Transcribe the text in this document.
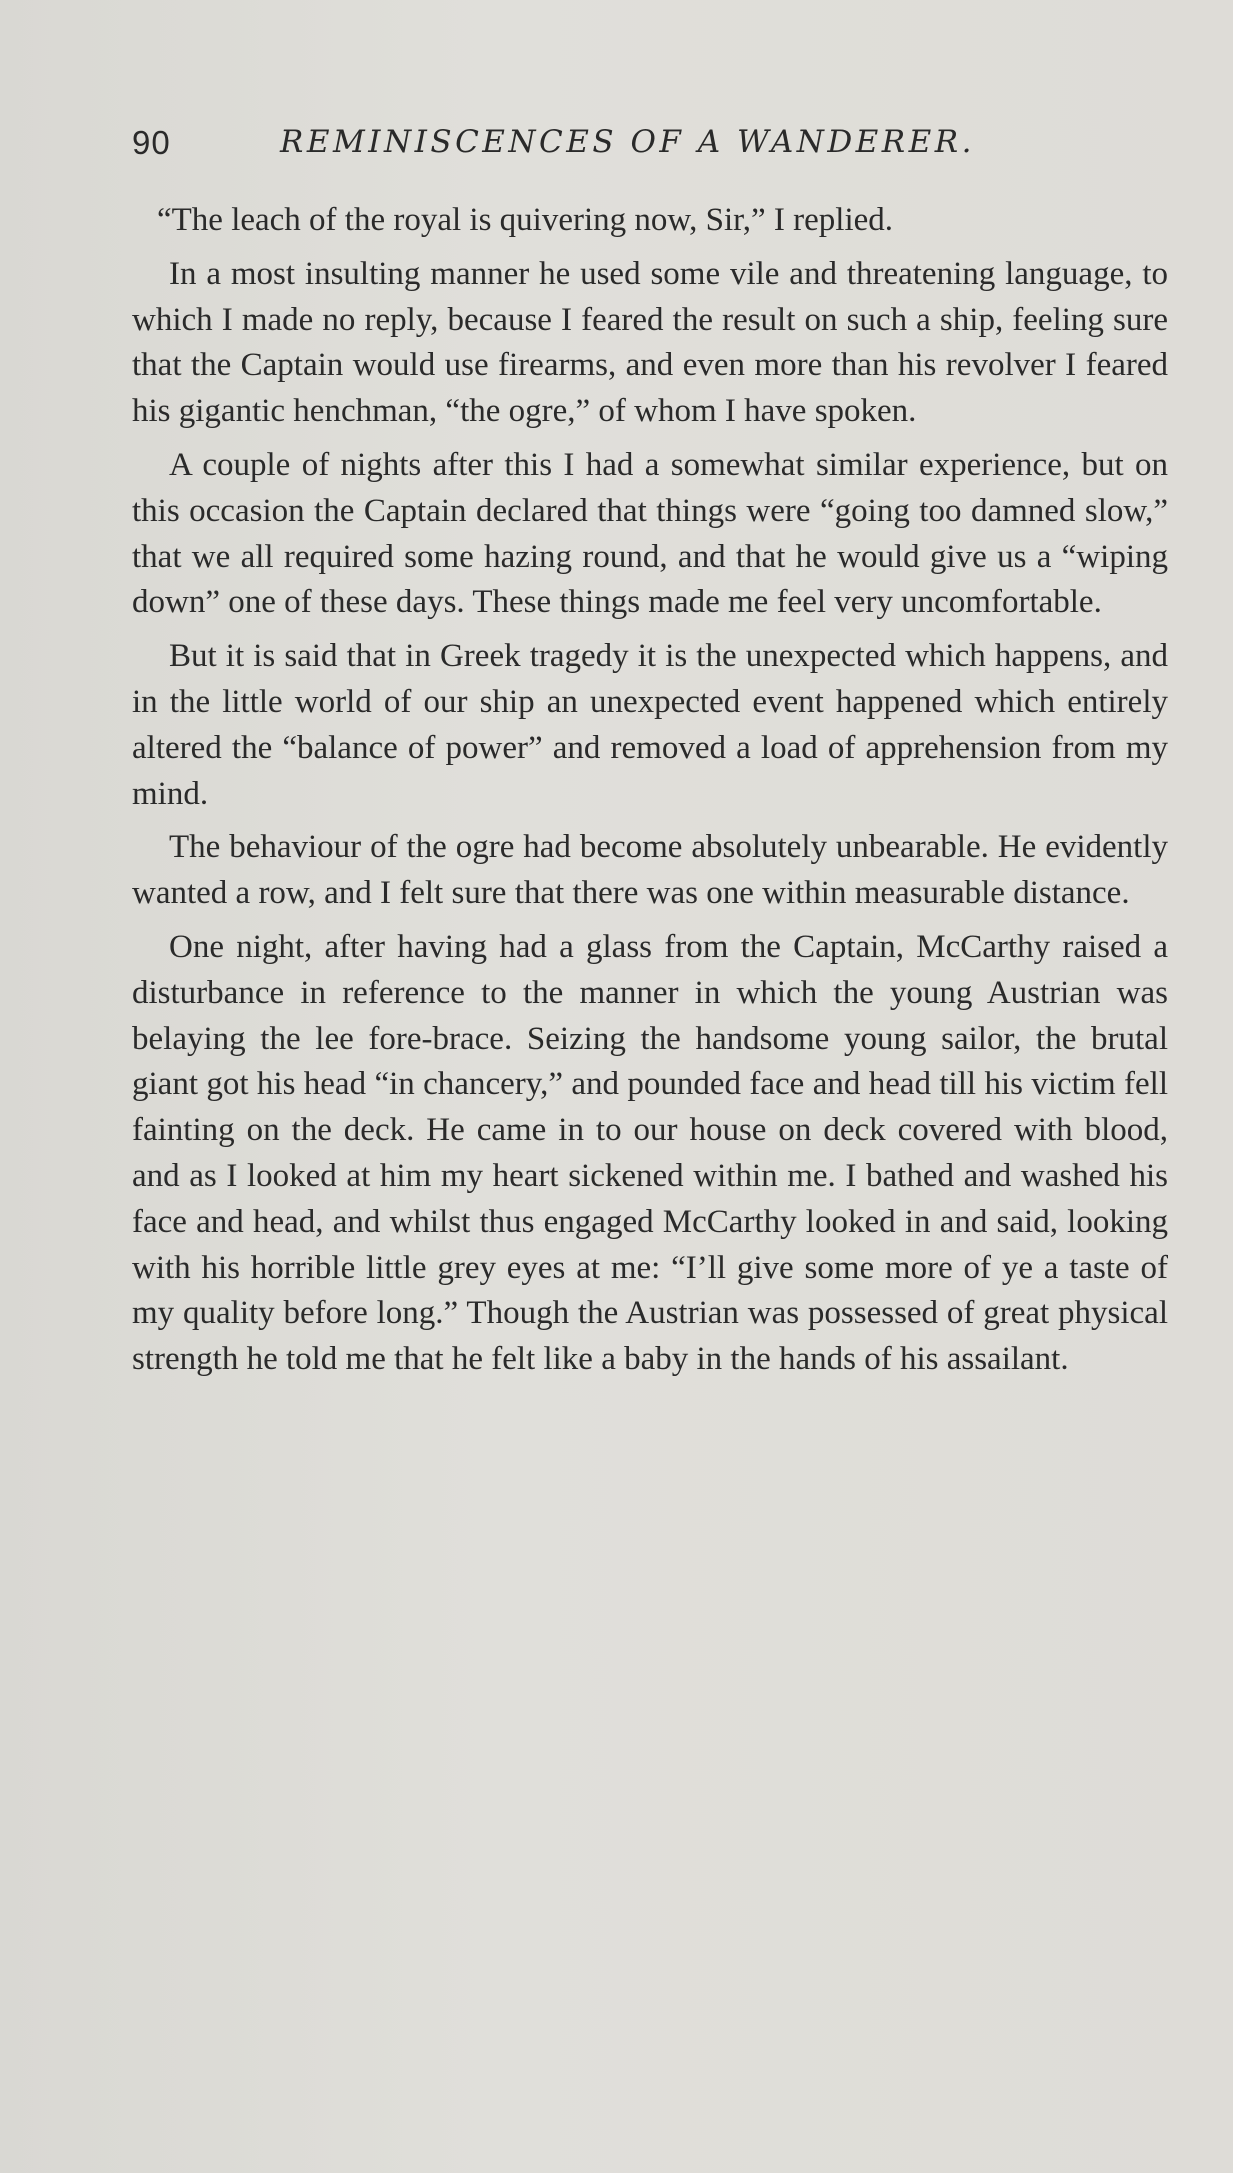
90	REMINISCENCES OF A WANDERER.

“The leach of the royal is quivering now, Sir,” I replied.

In a most insulting manner he used some vile and threatening language, to which I made no reply, because I feared the result on such a ship, feeling sure that the Captain would use firearms, and even more than his revolver I feared his gigantic henchman, “the ogre,” of whom I have spoken.

A couple of nights after this I had a somewhat similar experience, but on this occasion the Captain declared that things were “going too damned slow,” that we all required some hazing round, and that he would give us a “wiping down” one of these days. These things made me feel very uncomfortable.

But it is said that in Greek tragedy it is the unexpected which happens, and in the little world of our ship an unexpected event happened which entirely altered the “balance of power” and removed a load of apprehension from my mind.

The behaviour of the ogre had become absolutely unbearable. He evidently wanted a row, and I felt sure that there was one within measurable distance.

One night, after having had a glass from the Captain, McCarthy raised a disturbance in reference to the manner in which the young Austrian was belaying the lee fore-brace. Seizing the handsome young sailor, the brutal giant got his head “in chancery,” and pounded face and head till his victim fell fainting on the deck. He came in to our house on deck covered with blood, and as I looked at him my heart sickened within me. I bathed and washed his face and head, and whilst thus engaged McCarthy looked in and said, looking with his horrible little grey eyes at me: “I’ll give some more of ye a taste of my quality before long.” Though the Austrian was possessed of great physical strength he told me that he felt like a baby in the hands of his assailant.
